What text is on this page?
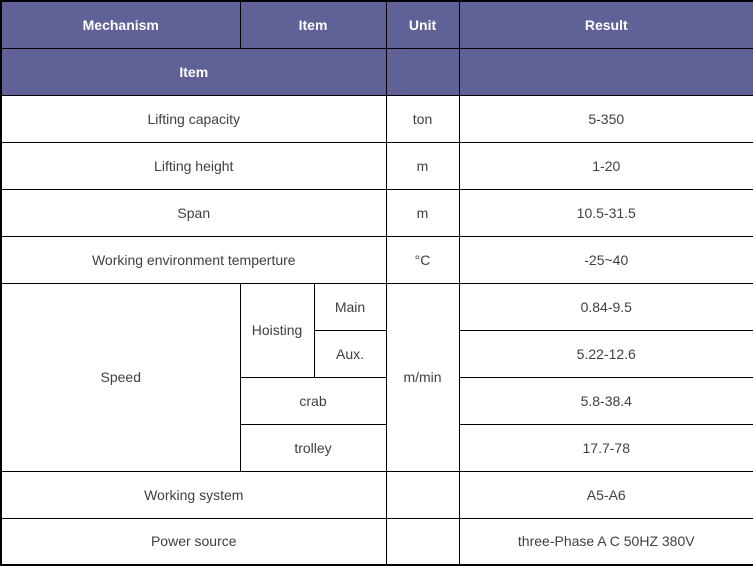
Mechanism	Item		Unit	Result
Item				
Lifting capacity			ton	5-350
Lifting height			m	1-20
Span			m	10.5-31.5
Working environment temperture			°C	-25~40
Speed	Hoisting	Main	m/min	0.84-9.5
		Aux.		5.22-12.6
	crab			5.8-38.4
	trolley			17.7-78
Working system				A5-A6
Power source				three-Phase A C 50HZ 380V
